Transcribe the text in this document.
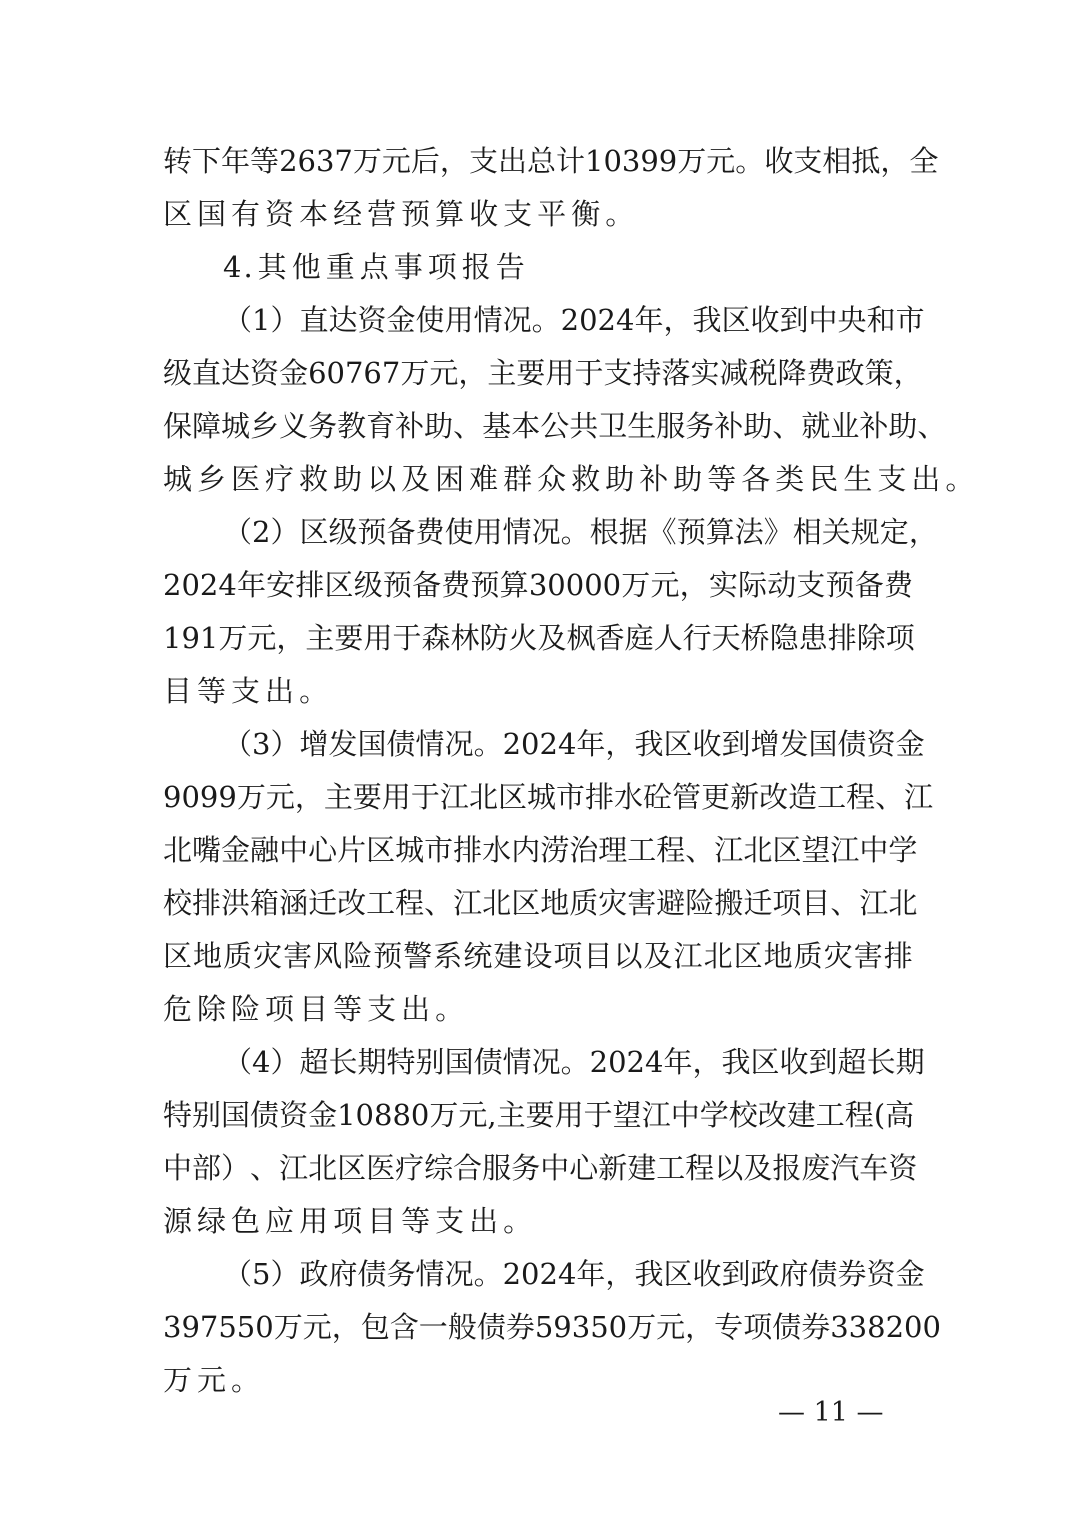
转 下 年 等 2637 万 元 后 ， 支 出 总 计 10399 万 元 。 收 支 相 抵 ， 全
区 国 有 资 本 经 营 预 算 收 支 平 衡 。
4. 其 他 重 点 事 项 报 告
（ 1 ） 直 达 资 金 使 用 情 况 。 2024 年 ， 我 区 收 到 中 央 和 市
级 直 达 资 金 60767 万 元 ， 主 要 用 于 支 持 落 实 减 税 降 费 政 策 ，
保 障 城 乡 义 务 教 育 补 助 、 基 本 公 共 卫 生 服 务 补 助 、 就 业 补 助 、
城 乡 医 疗 救 助 以 及 困 难 群 众 救 助 补 助 等 各 类 民 生 支 出 。
（ 2 ） 区 级 预 备 费 使 用 情 况 。 根 据 《 预 算 法 》 相 关 规 定 ，
2024 年 安 排 区 级 预 备 费 预 算 30000 万 元 ， 实 际 动 支 预 备 费
191 万 元 ， 主 要 用 于 森 林 防 火 及 枫 香 庭 人 行 天 桥 隐 患 排 除 项
目 等 支 出 。
（ 3 ） 增 发 国 债 情 况 。 2024 年 ， 我 区 收 到 增 发 国 债 资 金
9099 万 元 ， 主 要 用 于 江 北 区 城 市 排 水 砼 管 更 新 改 造 工 程 、 江
北 嘴 金 融 中 心 片 区 城 市 排 水 内 涝 治 理 工 程 、 江 北 区 望 江 中 学
校 排 洪 箱 涵 迁 改 工 程 、 江 北 区 地 质 灾 害 避 险 搬 迁 项 目 、 江 北
区 地 质 灾 害 风 险 预 警 系 统 建 设 项 目 以 及 江 北 区 地 质 灾 害 排
危 除 险 项 目 等 支 出 。
（ 4 ） 超 长 期 特 别 国 债 情 况 。 2024 年 ， 我 区 收 到 超 长 期
特 别 国 债 资 金 10880 万 元 , 主 要 用 于 望 江 中 学 校 改 建 工 程 ( 高
中 部 ） 、 江 北 区 医 疗 综 合 服 务 中 心 新 建 工 程 以 及 报 废 汽 车 资
源 绿 色 应 用 项 目 等 支 出 。
（ 5 ） 政 府 债 务 情 况 。 2024 年 ， 我 区 收 到 政 府 债 券 资 金
397550 万 元 ， 包 含 一 般 债 券 59350 万 元 ， 专 项 债 券 338200
万 元 。
— 11 —
